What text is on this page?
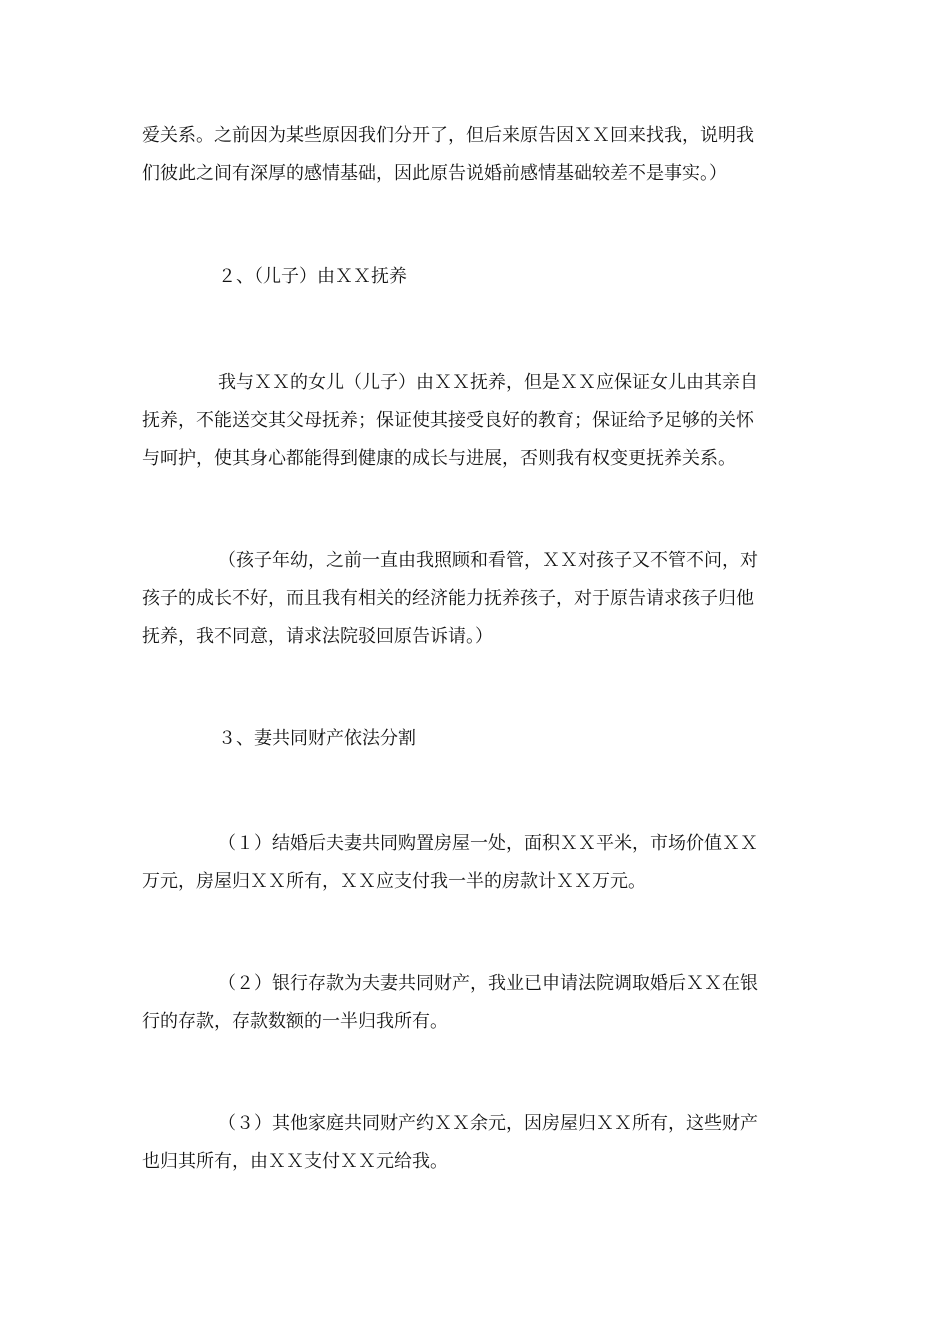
爱关系。之前因为某些原因我们分开了，但后来原告因ＸＸ回来找我，说明我
们彼此之间有深厚的感情基础，因此原告说婚前感情基础较差不是事实。）
２、（儿子）由ＸＸ抚养
我与ＸＸ的女儿（儿子）由ＸＸ抚养，但是ＸＸ应保证女儿由其亲自
抚养，不能送交其父母抚养；保证使其接受良好的教育；保证给予足够的关怀
与呵护，使其身心都能得到健康的成长与进展，否则我有权变更抚养关系。
（孩子年幼，之前一直由我照顾和看管，ＸＸ对孩子又不管不问，对
孩子的成长不好，而且我有相关的经济能力抚养孩子，对于原告请求孩子归他
抚养，我不同意，请求法院驳回原告诉请。）
３、妻共同财产依法分割
（１）结婚后夫妻共同购置房屋一处，面积ＸＸ平米，市场价值ＸＸ
万元，房屋归ＸＸ所有，ＸＸ应支付我一半的房款计ＸＸ万元。
（２）银行存款为夫妻共同财产，我业已申请法院调取婚后ＸＸ在银
行的存款，存款数额的一半归我所有。
（３）其他家庭共同财产约ＸＸ余元，因房屋归ＸＸ所有，这些财产
也归其所有，由ＸＸ支付ＸＸ元给我。
